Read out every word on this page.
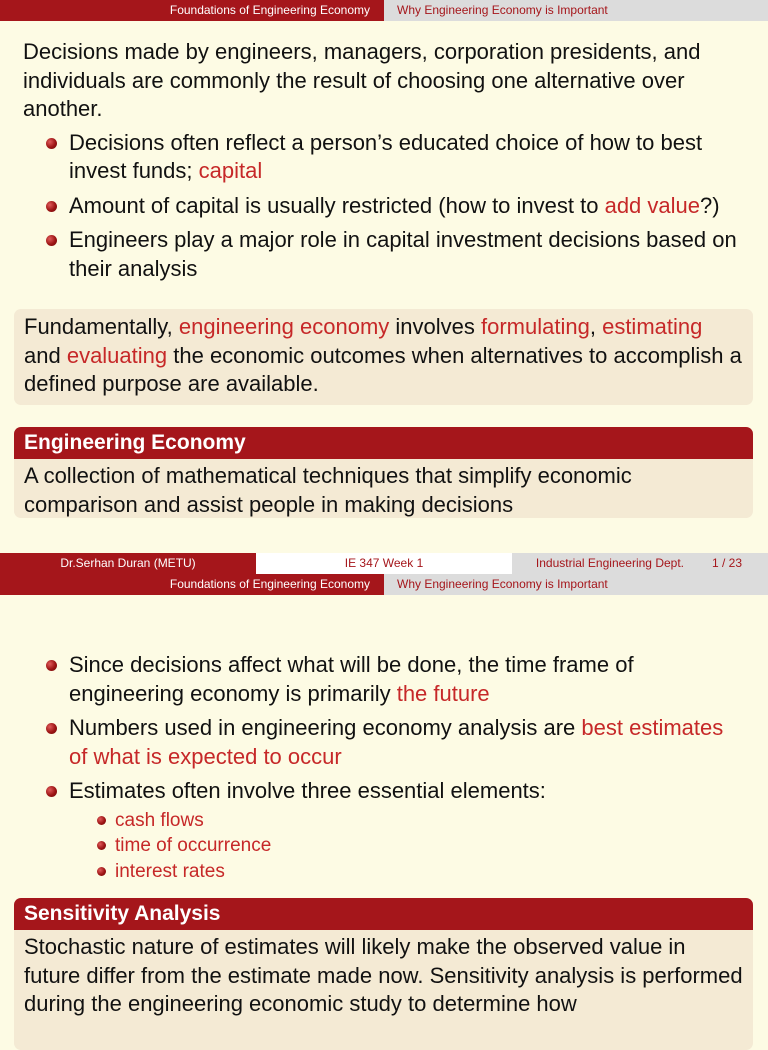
Foundations of Engineering Economy	Why Engineering Economy is Important
Decisions made by engineers, managers, corporation presidents, and individuals are commonly the result of choosing one alternative over another.
Decisions often reflect a person’s educated choice of how to best invest funds; capital
Amount of capital is usually restricted (how to invest to add value?)
Engineers play a major role in capital investment decisions based on their analysis
Fundamentally, engineering economy involves formulating, estimating and evaluating the economic outcomes when alternatives to accomplish a defined purpose are available.
Engineering Economy
A collection of mathematical techniques that simplify economic comparison and assist people in making decisions
Dr.Serhan Duran (METU)	IE 347 Week 1	Industrial Engineering Dept.	1 / 23
Foundations of Engineering Economy	Why Engineering Economy is Important
Since decisions affect what will be done, the time frame of engineering economy is primarily the future
Numbers used in engineering economy analysis are best estimates of what is expected to occur
Estimates often involve three essential elements:
cash flows
time of occurrence
interest rates
Sensitivity Analysis
Stochastic nature of estimates will likely make the observed value in future differ from the estimate made now. Sensitivity analysis is performed during the engineering economic study to determine how
